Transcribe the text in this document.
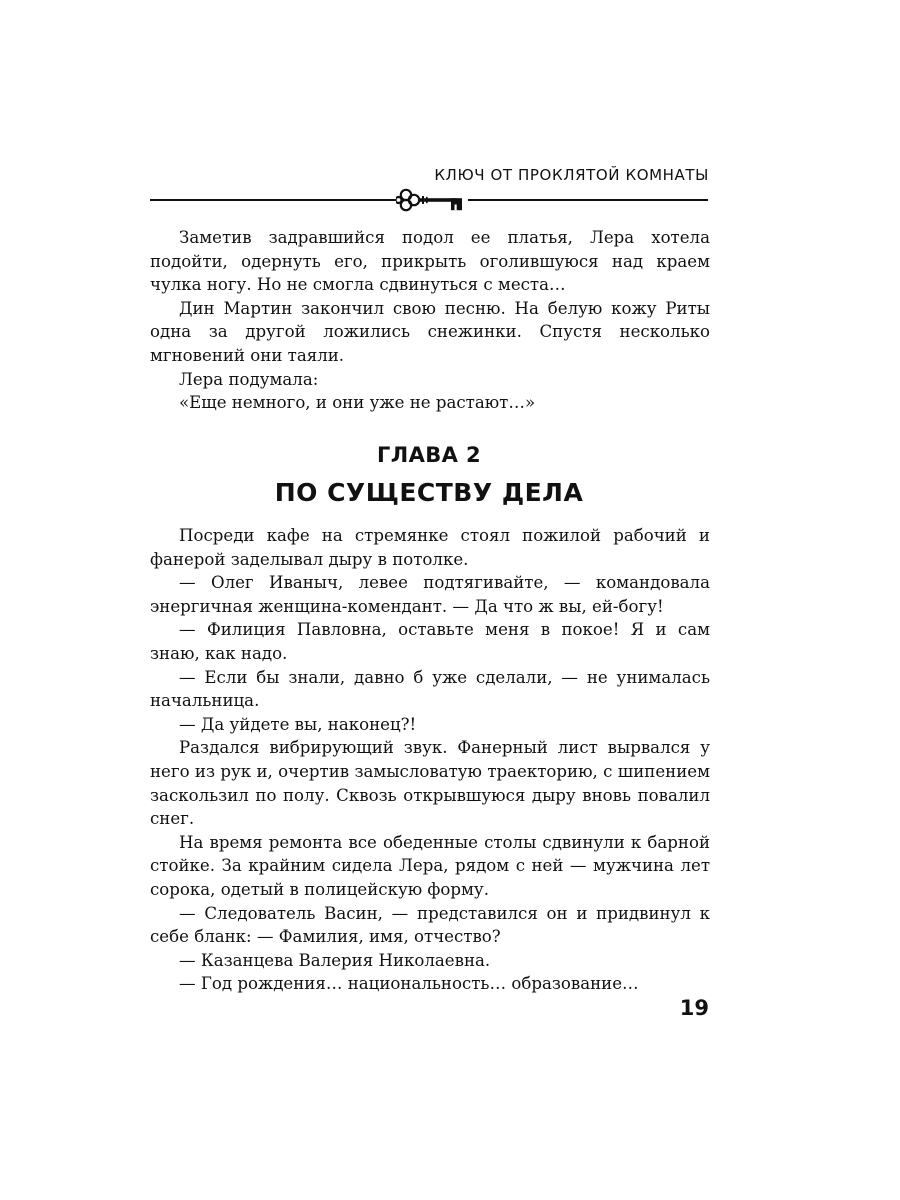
КЛЮЧ ОТ ПРОКЛЯТОЙ КОМНАТЫ

Заметив задравшийся подол ее платья, Лера хотела подойти, одернуть его, прикрыть оголившуюся над краем чулка ногу. Но не смогла сдвинуться с места…

Дин Мартин закончил свою песню. На белую кожу Риты одна за другой ложились снежинки. Спустя несколько мгновений они таяли.

Лера подумала:

«Еще немного, и они уже не растают…»

ГЛАВА 2
ПО СУЩЕСТВУ ДЕЛА

Посреди кафе на стремянке стоял пожилой рабочий и фанерой заделывал дыру в потолке.

— Олег Иваныч, левее подтягивайте, — командовала энергичная женщина-комендант. — Да что ж вы, ей-богу!

— Филиция Павловна, оставьте меня в покое! Я и сам знаю, как надо.

— Если бы знали, давно б уже сделали, — не унималась начальница.

— Да уйдете вы, наконец?!

Раздался вибрирующий звук. Фанерный лист вырвался у него из рук и, очертив замысловатую траекторию, с шипением заскользил по полу. Сквозь открывшуюся дыру вновь повалил снег.

На время ремонта все обеденные столы сдвинули к барной стойке. За крайним сидела Лера, рядом с ней — мужчина лет сорока, одетый в полицейскую форму.

— Следователь Васин, — представился он и придвинул к себе бланк: — Фамилия, имя, отчество?

— Казанцева Валерия Николаевна.

— Год рождения… национальность… образование…

19
